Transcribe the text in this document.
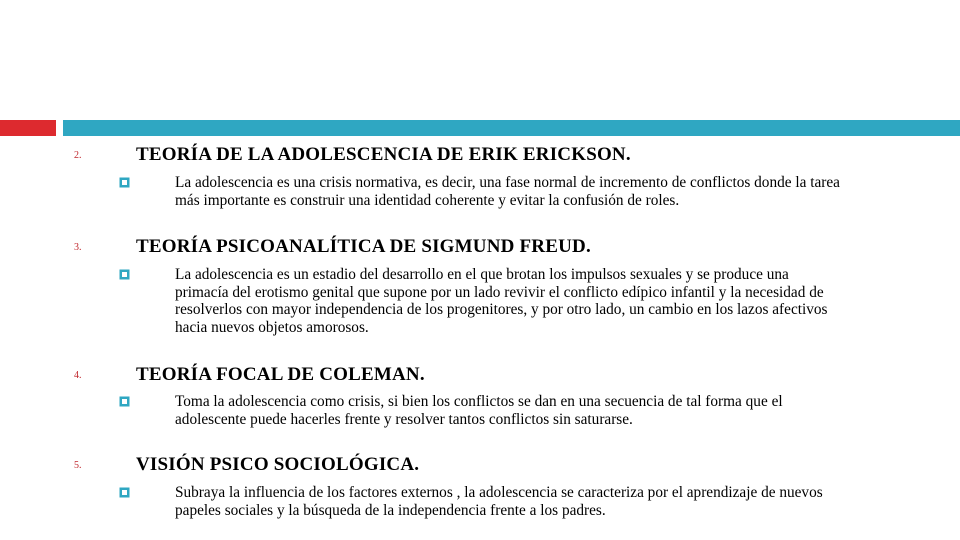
2.	TEORÍA DE LA ADOLESCENCIA DE ERIK ERICKSON.
La adolescencia es una crisis normativa, es decir, una fase normal de incremento de conflictos donde la tarea más importante es construir una identidad coherente y evitar la confusión de roles.
3.	TEORÍA PSICOANALÍTICA DE SIGMUND FREUD.
La adolescencia es un estadio del desarrollo en el que brotan los impulsos sexuales y se produce una primacía del erotismo genital que supone por un lado revivir el conflicto edípico infantil y la necesidad de resolverlos con mayor independencia de los progenitores, y por otro lado, un cambio en los lazos afectivos hacia nuevos objetos amorosos.
4.	TEORÍA FOCAL DE COLEMAN.
Toma la adolescencia como crisis, si bien los conflictos se dan en una secuencia de tal forma que el adolescente puede hacerles frente y resolver tantos conflictos sin saturarse.
5.	VISIÓN PSICO SOCIOLÓGICA.
Subraya la influencia de los factores externos , la adolescencia se caracteriza por el aprendizaje de nuevos papeles sociales y la búsqueda de la independencia frente a los padres.
